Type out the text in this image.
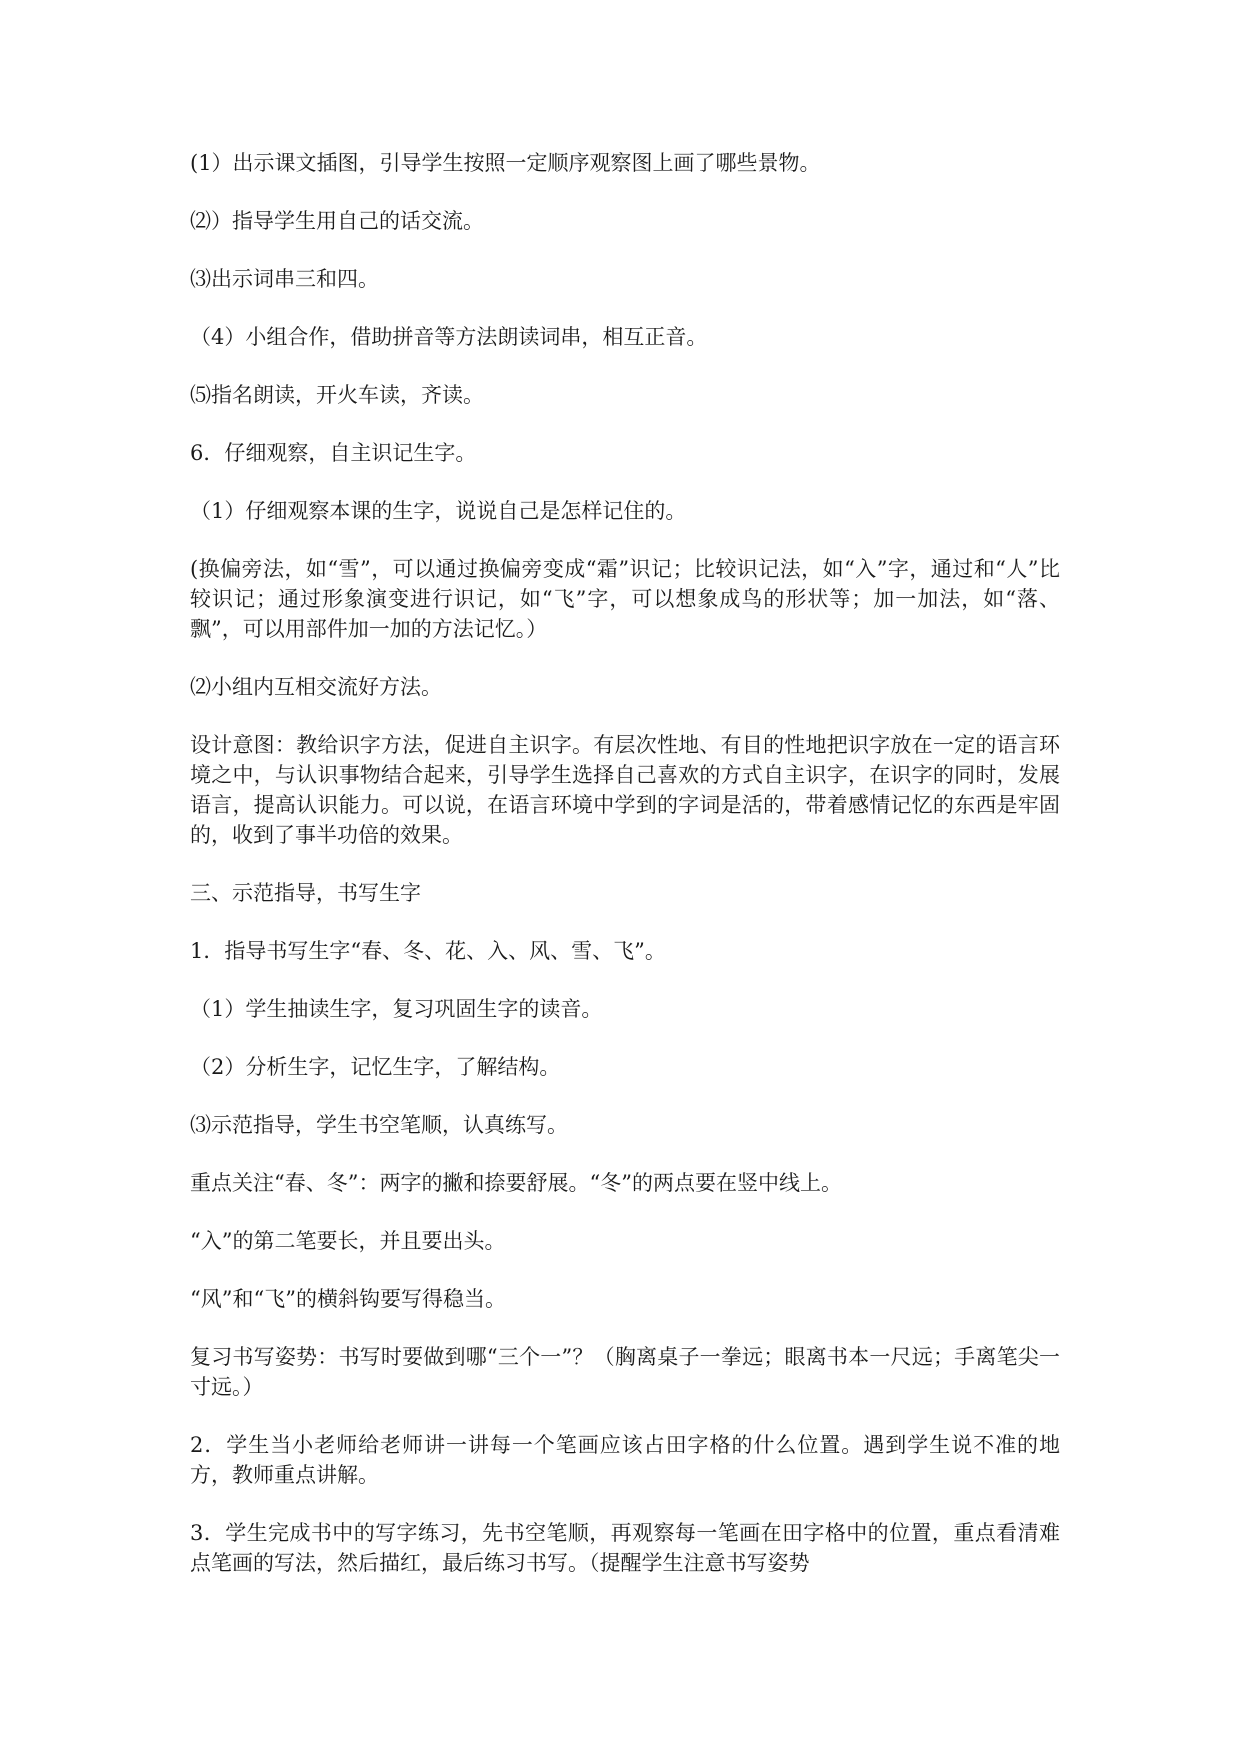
(1）出示课文插图，引导学生按照一定顺序观察图上画了哪些景物。

⑵）指导学生用自己的话交流。

⑶出示词串三和四。

（4）小组合作，借助拼音等方法朗读词串，相互正音。

⑸指名朗读，开火车读，齐读。

6．仔细观察，自主识记生字。

（1）仔细观察本课的生字，说说自己是怎样记住的。

(换偏旁法，如“雪”，可以通过换偏旁变成“霜”识记；比较识记法，如“入”字，通过和“人”比较识记；通过形象演变进行识记，如“飞”字，可以想象成鸟的形状等；加一加法，如“落、飘”，可以用部件加一加的方法记忆。）

⑵小组内互相交流好方法。

设计意图：教给识字方法，促进自主识字。有层次性地、有目的性地把识字放在一定的语言环境之中，与认识事物结合起来，引导学生选择自己喜欢的方式自主识字，在识字的同时，发展语言，提高认识能力。可以说，在语言环境中学到的字词是活的，带着感情记忆的东西是牢固的，收到了事半功倍的效果。

三、示范指导，书写生字

1．指导书写生字“春、冬、花、入、风、雪、飞”。

（1）学生抽读生字，复习巩固生字的读音。

（2）分析生字，记忆生字，了解结构。

⑶示范指导，学生书空笔顺，认真练写。

重点关注“春、冬”：两字的撇和捺要舒展。“冬”的两点要在竖中线上。

“入”的第二笔要长，并且要出头。

“风”和“飞”的横斜钩要写得稳当。

复习书写姿势：书写时要做到哪“三个一”？（胸离桌子一拳远；眼离书本一尺远；手离笔尖一寸远。）

2．学生当小老师给老师讲一讲每一个笔画应该占田字格的什么位置。遇到学生说不准的地方，教师重点讲解。

3．学生完成书中的写字练习，先书空笔顺，再观察每一笔画在田字格中的位置，重点看清难点笔画的写法，然后描红，最后练习书写。（提醒学生注意书写姿势
